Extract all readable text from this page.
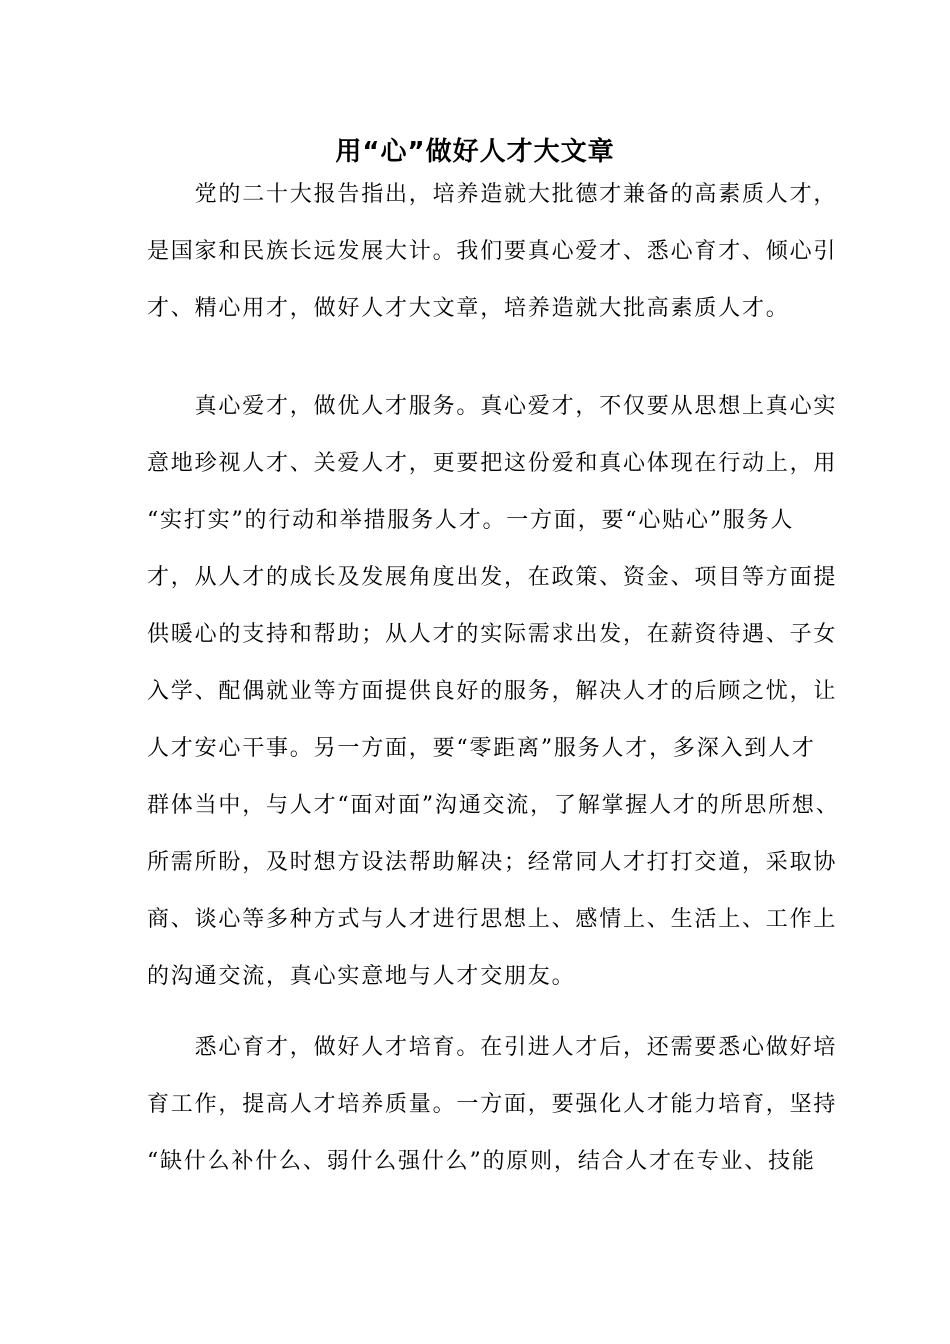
用“心”做好人才大文章
　　党的二十大报告指出，培养造就大批德才兼备的高素质人才，
是国家和民族长远发展大计。我们要真心爱才、悉心育才、倾心引
才、精心用才，做好人才大文章，培养造就大批高素质人才。
　　真心爱才，做优人才服务。真心爱才，不仅要从思想上真心实
意地珍视人才、关爱人才，更要把这份爱和真心体现在行动上，用
“实打实”的行动和举措服务人才。一方面，要“心贴心”服务人
才，从人才的成长及发展角度出发，在政策、资金、项目等方面提
供暖心的支持和帮助；从人才的实际需求出发，在薪资待遇、子女
入学、配偶就业等方面提供良好的服务，解决人才的后顾之忧，让
人才安心干事。另一方面，要“零距离”服务人才，多深入到人才
群体当中，与人才“面对面”沟通交流，了解掌握人才的所思所想、
所需所盼，及时想方设法帮助解决；经常同人才打打交道，采取协
商、谈心等多种方式与人才进行思想上、感情上、生活上、工作上
的沟通交流，真心实意地与人才交朋友。
　　悉心育才，做好人才培育。在引进人才后，还需要悉心做好培
育工作，提高人才培养质量。一方面，要强化人才能力培育，坚持
“缺什么补什么、弱什么强什么”的原则，结合人才在专业、技能
